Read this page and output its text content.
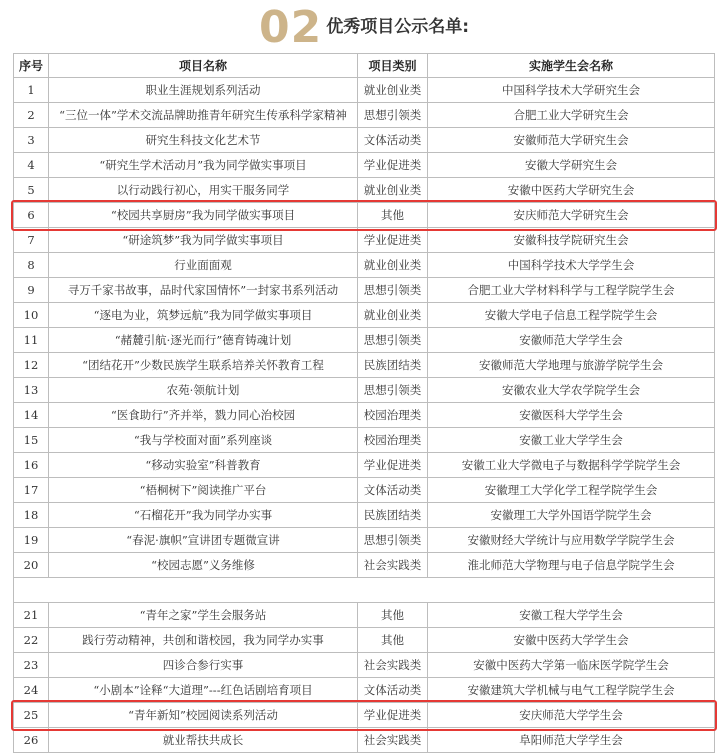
02 优秀项目公示名单:
序号	项目名称	项目类别	实施学生会名称
1	职业生涯规划系列活动	就业创业类	中国科学技术大学研究生会
2	“三位一体”学术交流品牌助推青年研究生传承科学家精神	思想引领类	合肥工业大学研究生会
3	研究生科技文化艺术节	文体活动类	安徽师范大学研究生会
4	“研究生学术活动月”我为同学做实事项目	学业促进类	安徽大学研究生会
5	以行动践行初心，用实干服务同学	就业创业类	安徽中医药大学研究生会
6	“校园共享厨房”我为同学做实事项目	其他	安庆师范大学研究生会
7	“研途筑梦”我为同学做实事项目	学业促进类	安徽科技学院研究生会
8	行业面面观	就业创业类	中国科学技术大学学生会
9	寻万千家书故事，品时代家国情怀”一封家书系列活动	思想引领类	合肥工业大学材料科学与工程学院学生会
10	“逐电为业，筑梦远航”我为同学做实事项目	就业创业类	安徽大学电子信息工程学院学生会
11	“赭麓引航·逐光而行”德育铸魂计划	思想引领类	安徽师范大学学生会
12	“团结花开”少数民族学生联系培养关怀教育工程	民族团结类	安徽师范大学地理与旅游学院学生会
13	农苑·领航计划	思想引领类	安徽农业大学农学院学生会
14	“医食助行”齐并举，戮力同心治校园	校园治理类	安徽医科大学学生会
15	“我与学校面对面”系列座谈	校园治理类	安徽工业大学学生会
16	“移动实验室”科普教育	学业促进类	安徽工业大学微电子与数据科学学院学生会
17	“梧桐树下”阅读推广平台	文体活动类	安徽理工大学化学工程学院学生会
18	“石榴花开”我为同学办实事	民族团结类	安徽理工大学外国语学院学生会
19	“春泥·旗帜”宣讲团专题微宣讲	思想引领类	安徽财经大学统计与应用数学学院学生会
20	“校园志愿”义务维修	社会实践类	淮北师范大学物理与电子信息学院学生会

21	“青年之家”学生会服务站	其他	安徽工程大学学生会
22	践行劳动精神，共创和谐校园，我为同学办实事	其他	安徽中医药大学学生会
23	四诊合参行实事	社会实践类	安徽中医药大学第一临床医学院学生会
24	“小剧本”诠释“大道理”---红色话剧培育项目	文体活动类	安徽建筑大学机械与电气工程学院学生会
25	“青年新知”校园阅读系列活动	学业促进类	安庆师范大学学生会
26	就业帮扶共成长	社会实践类	阜阳师范大学学生会
